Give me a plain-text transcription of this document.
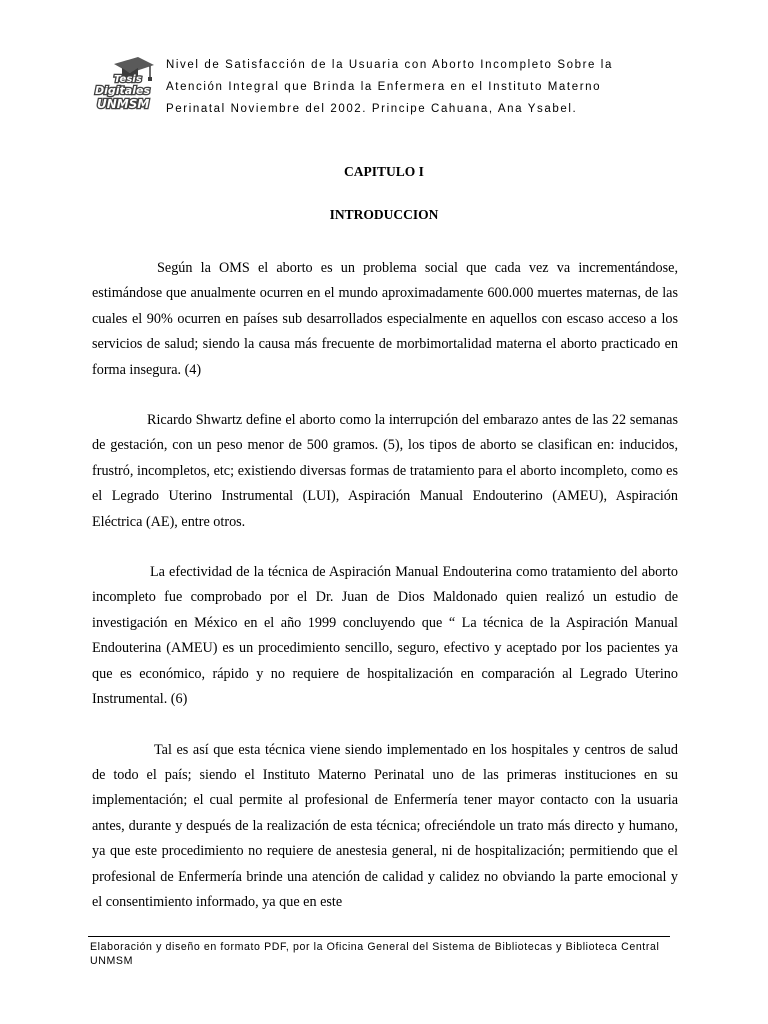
Tesis
Digitales
UNMSM
Nivel de Satisfacción de la Usuaria con Aborto Incompleto Sobre la
Atención Integral que Brinda la Enfermera en el Instituto Materno
Perinatal Noviembre del 2002. Principe Cahuana, Ana Ysabel.
CAPITULO I
INTRODUCCION

Según la OMS el aborto es un problema social que cada vez va incrementándose, estimándose que anualmente ocurren en el mundo aproximadamente 600.000 muertes maternas, de las cuales el 90% ocurren en países sub desarrollados especialmente en aquellos con escaso acceso a los servicios de salud; siendo la causa más frecuente de morbimortalidad materna el aborto practicado en forma insegura. (4)

Ricardo Shwartz define el aborto como la interrupción del embarazo antes de las 22 semanas de gestación, con un peso menor de 500 gramos. (5), los tipos de aborto se clasifican en: inducidos, frustró, incompletos, etc; existiendo diversas formas de tratamiento para el aborto incompleto, como es el Legrado Uterino Instrumental (LUI), Aspiración Manual Endouterino (AMEU), Aspiración Eléctrica (AE), entre otros.

La efectividad de la técnica de Aspiración Manual Endouterina como tratamiento del aborto incompleto fue comprobado por el Dr. Juan de Dios Maldonado quien realizó un estudio de investigación en México en el año 1999 concluyendo que “ La técnica de la Aspiración Manual Endouterina (AMEU) es un procedimiento sencillo, seguro, efectivo y aceptado por los pacientes ya que es económico, rápido y no requiere de hospitalización en comparación al Legrado Uterino Instrumental. (6)

Tal es así que esta técnica viene siendo implementado en los hospitales y centros de salud de todo el país; siendo el Instituto Materno Perinatal uno de las primeras instituciones en su implementación; el cual permite al profesional de Enfermería tener mayor contacto con la usuaria antes, durante y después de la realización de esta técnica; ofreciéndole un trato más directo y humano, ya que este procedimiento no requiere de anestesia general, ni de hospitalización; permitiendo que el profesional de Enfermería brinde una atención de calidad y calidez no obviando la parte emocional y el consentimiento informado, ya que en este

Elaboración y diseño en formato PDF, por la Oficina General del Sistema de Bibliotecas y Biblioteca Central UNMSM
